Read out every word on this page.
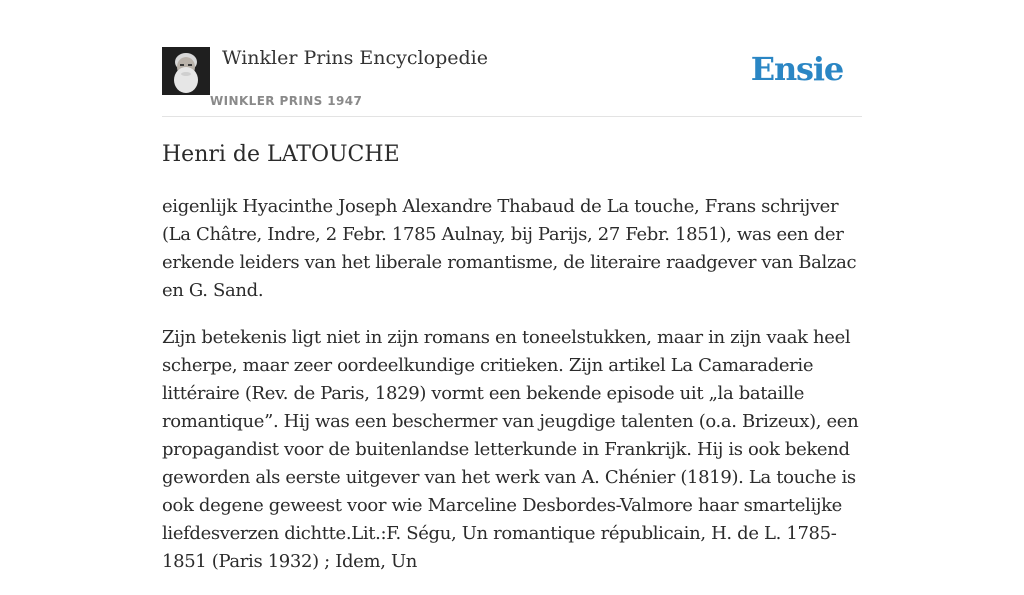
Winkler Prins Encyclopedie
WINKLER PRINS 1947
Ensie
Henri de LATOUCHE

eigenlijk Hyacinthe Joseph Alexandre Thabaud de La touche, Frans schrijver (La Châtre, Indre, 2 Febr. 1785 Aulnay, bij Parijs, 27 Febr. 1851), was een der erkende leiders van het liberale romantisme, de literaire raadgever van Balzac en G. Sand.

Zijn betekenis ligt niet in zijn romans en toneelstukken, maar in zijn vaak heel scherpe, maar zeer oordeelkundige critieken. Zijn artikel La Camaraderie littéraire (Rev. de Paris, 1829) vormt een bekende episode uit „la bataille romantique”. Hij was een beschermer van jeugdige talenten (o.a. Brizeux), een propagandist voor de buitenlandse letterkunde in Frankrijk. Hij is ook bekend geworden als eerste uitgever van het werk van A. Chénier (1819). La touche is ook degene geweest voor wie Marceline Desbordes-Valmore haar smartelijke liefdesverzen dichtte.Lit.:F. Ségu, Un romantique républicain, H. de L. 1785-1851 (Paris 1932) ; Idem, Un
